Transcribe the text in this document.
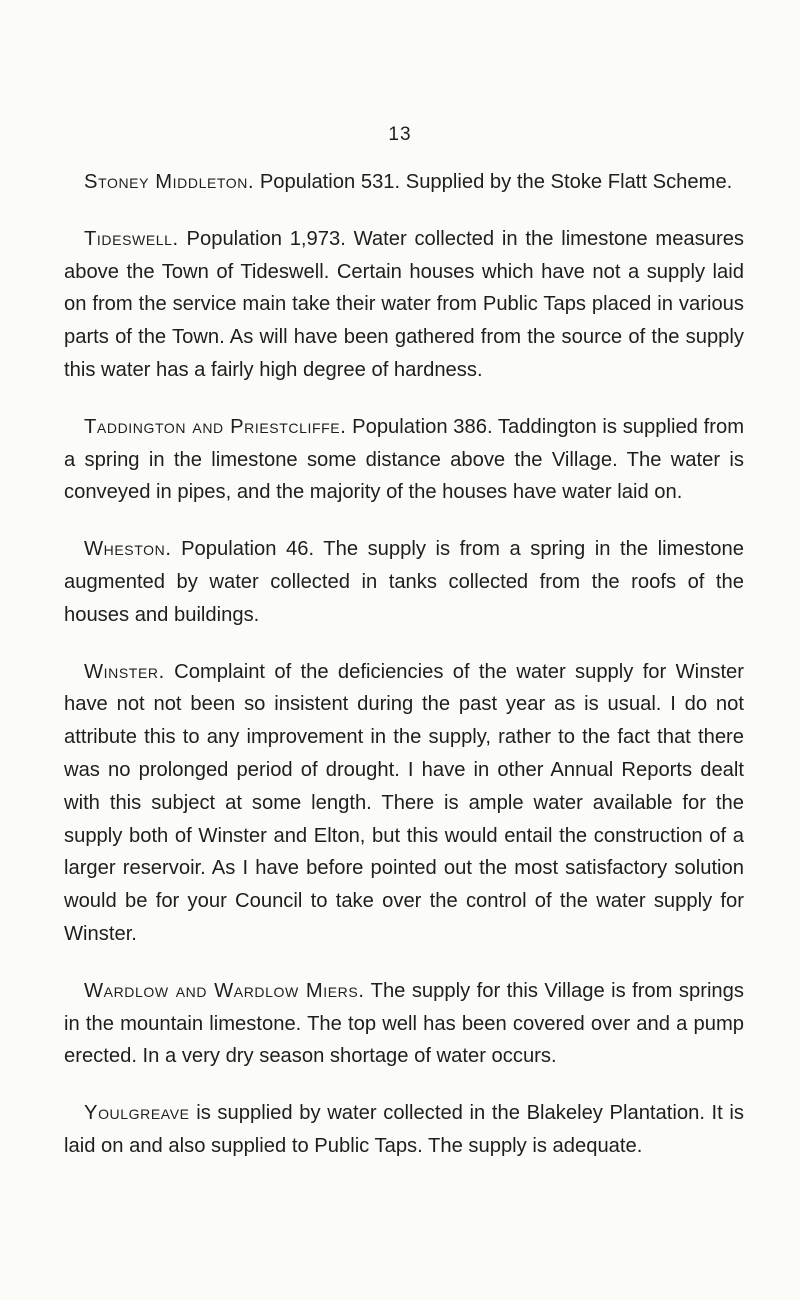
13

Stoney Middleton. Population 531. Supplied by the Stoke Flatt Scheme.

Tideswell. Population 1,973. Water collected in the limestone measures above the Town of Tideswell. Certain houses which have not a supply laid on from the service main take their water from Public Taps placed in various parts of the Town. As will have been gathered from the source of the supply this water has a fairly high degree of hardness.

Taddington and Priestcliffe. Population 386. Taddington is supplied from a spring in the limestone some distance above the Village. The water is conveyed in pipes, and the majority of the houses have water laid on.

Wheston. Population 46. The supply is from a spring in the limestone augmented by water collected in tanks collected from the roofs of the houses and buildings.

Winster. Complaint of the deficiencies of the water supply for Winster have not not been so insistent during the past year as is usual. I do not attribute this to any improvement in the supply, rather to the fact that there was no prolonged period of drought. I have in other Annual Reports dealt with this subject at some length. There is ample water available for the supply both of Winster and Elton, but this would entail the construction of a larger reservoir. As I have before pointed out the most satisfactory solution would be for your Council to take over the control of the water supply for Winster.

Wardlow and Wardlow Miers. The supply for this Village is from springs in the mountain limestone. The top well has been covered over and a pump erected. In a very dry season shortage of water occurs.

Youlgreave is supplied by water collected in the Blakeley Plantation. It is laid on and also supplied to Public Taps. The supply is adequate.
